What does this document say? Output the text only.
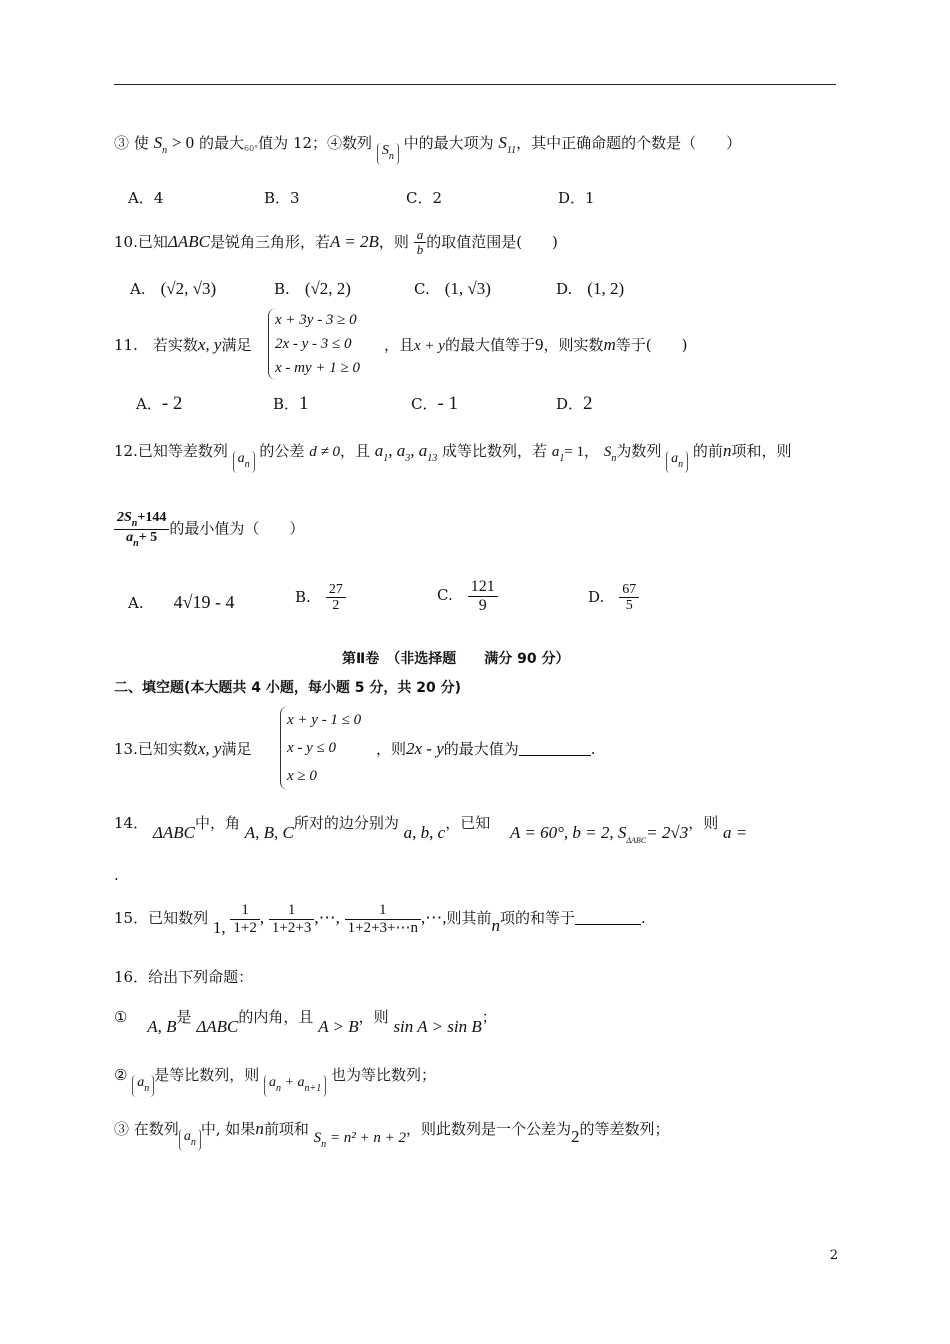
③ 使 $S_n > 0$ 的最大$_{60^\circ}$值为 12；④数列 $S_n$ 中的最大项为 $S_{11}$，其中正确命题的个数是（　　）
A．4	B．3	C．2	D．1
10.已知ΔABC是锐角三角形，若A = 2B，则 $\frac{a}{b}$ 的取值范围是(　　)
A.　 (√2, √3)	B.　 (√2, 2)	C.　 (1, √3)	D.　 (1, 2)
11.　若实数x, y满足
x + 3y - 3 ≥ 0
2x - y - 3 ≤ 0
x - my + 1 ≥ 0
，且x + y的最大值等于9，则实数m等于(　　)
A．- 2	B．1	C．- 1	D．2
12.已知等差数列 $a_n$ 的公差 d ≠ 0，且 $a_1$, $a_3$, $a_{13}$ 成等比数列，若 $a_1= 1$， $S_n$为数列 $a_n$ 的前n项和，则
$\frac{2S_n+144}{a_n+ 5}$ 的最小值为（　　）
A.　　 4√19 - 4	B.　 $\frac{27}{2}$	C.　 $\frac{121}{9}$	D.　 $\frac{67}{5}$
第Ⅱ卷　（非选择题　　满分 90 分）
二、填空题(本大题共 4 小题，每小题 5 分，共 20 分)
13.已知实数x, y满足
x + y - 1 ≤ 0
x - y ≤ 0
x ≥ 0
，则2x - y的最大值为	.
14． ΔABC中，角 A, B, C所对的边分别为 a, b, c，已知　 A = 60°, b = 2, $S_{\Delta ABC}= 2√3$，则 a =
.
15．已知数列 1, $\frac{1}{1+2}$ , $\frac{1}{1+2+3}$ ,⋯, $\frac{1}{1+2+3+\cdots n}$ ,⋯,则其前n项的和等于	.
16．给出下列命题：
①　 A, B是 ΔABC的内角，且 A > B，则 sin A > sin B；
② $a_n$是等比数列，则 $a_n + a_{n+1}$ 也为等比数列；
③ 在数列 $a_n$中, 如果n前项和 $S_n = n^2 + n + 2$，则此数列是一个公差为2的等差数列；
2
